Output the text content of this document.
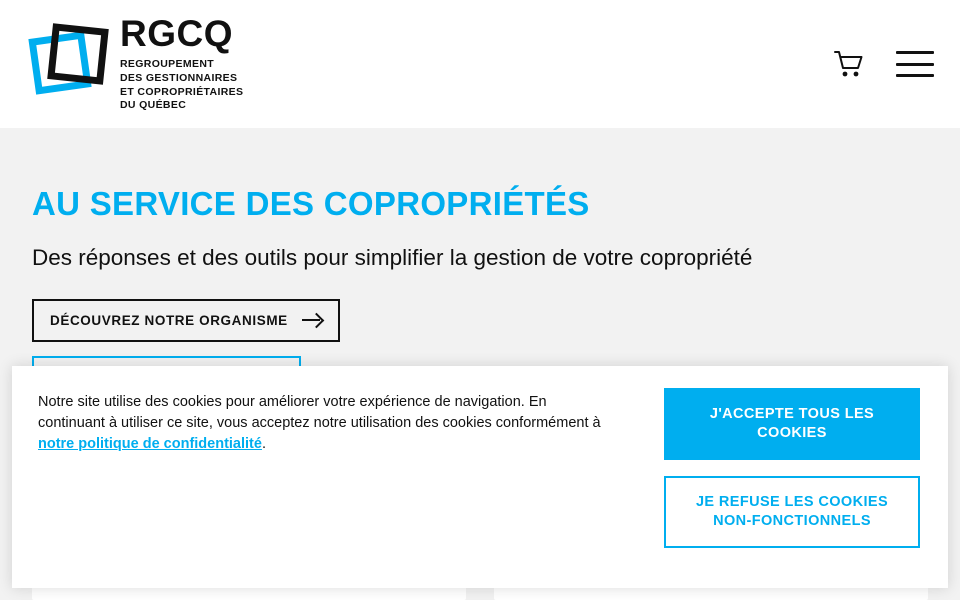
RGCQ
REGROUPEMENT
DES GESTIONNAIRES
ET COPROPRIÉTAIRES
DU QUÉBEC
AU SERVICE DES COPROPRIÉTÉS

Des réponses et des outils pour simplifier la gestion de votre copropriété

DÉCOUVREZ NOTRE ORGANISME

Notre site utilise des cookies pour améliorer votre expérience de navigation. En continuant à utiliser ce site, vous acceptez notre utilisation des cookies conformément à notre politique de confidentialité.
J'ACCEPTE TOUS LES COOKIES
JE REFUSE LES COOKIES NON-FONCTIONNELS
